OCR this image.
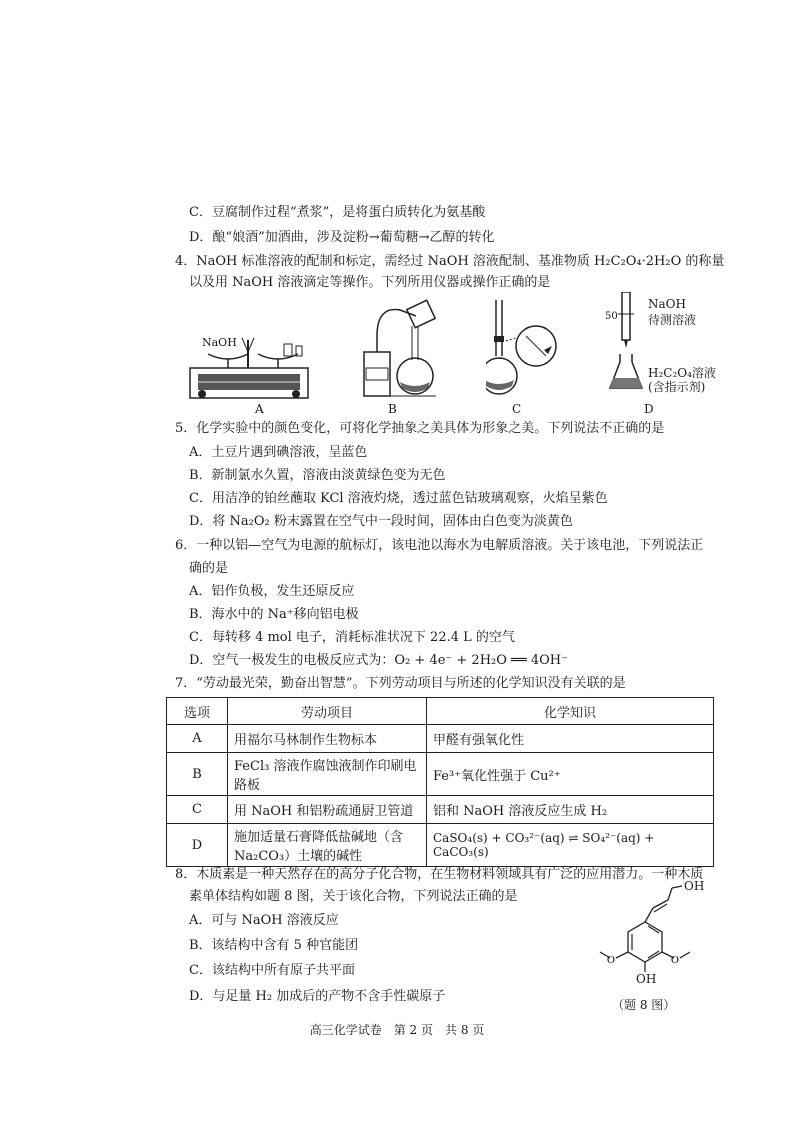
C．豆腐制作过程“煮浆”，是将蛋白质转化为氨基酸
D．酿“娘酒”加酒曲，涉及淀粉→葡萄糖→乙醇的转化
4．NaOH 标准溶液的配制和标定，需经过 NaOH 溶液配制、基准物质 H₂C₂O₄·2H₂O 的称量
以及用 NaOH 溶液滴定等操作。下列所用仪器或操作正确的是
NaOH
A	B	C
50
NaOH
待测溶液
H₂C₂O₄溶液
(含指示剂)
D
5．化学实验中的颜色变化，可将化学抽象之美具体为形象之美。下列说法不正确的是
A．土豆片遇到碘溶液，呈蓝色
B．新制氯水久置，溶液由淡黄绿色变为无色
C．用洁净的铂丝蘸取 KCl 溶液灼烧，透过蓝色钴玻璃观察，火焰呈紫色
D．将 Na₂O₂ 粉末露置在空气中一段时间，固体由白色变为淡黄色
6．一种以铝—空气为电源的航标灯，该电池以海水为电解质溶液。关于该电池，下列说法正
确的是
A．铝作负极，发生还原反应
B．海水中的 Na⁺移向铝电极
C．每转移 4 mol 电子，消耗标准状况下 22.4 L 的空气
D．空气一极发生的电极反应式为：O₂ + 4e⁻ + 2H₂O ══ 4OH⁻
7．“劳动最光荣，勤奋出智慧”。下列劳动项目与所述的化学知识没有关联的是
选项	劳动项目	化学知识
A	用福尔马林制作生物标本	甲醛有强氧化性
B	FeCl₃ 溶液作腐蚀液制作印刷电路板	Fe³⁺氧化性强于 Cu²⁺
C	用 NaOH 和铝粉疏通厨卫管道	铝和 NaOH 溶液反应生成 H₂
D	施加适量石膏降低盐碱地（含 Na₂CO₃）土壤的碱性	CaSO₄(s) + CO₃²⁻(aq) ⇌ SO₄²⁻(aq) + CaCO₃(s)
8．木质素是一种天然存在的高分子化合物，在生物材料领域具有广泛的应用潜力。一种木质
素单体结构如题 8 图，关于该化合物，下列说法正确的是
A．可与 NaOH 溶液反应
B．该结构中含有 5 种官能团
C．该结构中所有原子共平面
D．与足量 H₂ 加成后的产物不含手性碳原子
O	O
OH
OH
（题 8 图）
高三化学试卷　第 2 页　共 8 页
